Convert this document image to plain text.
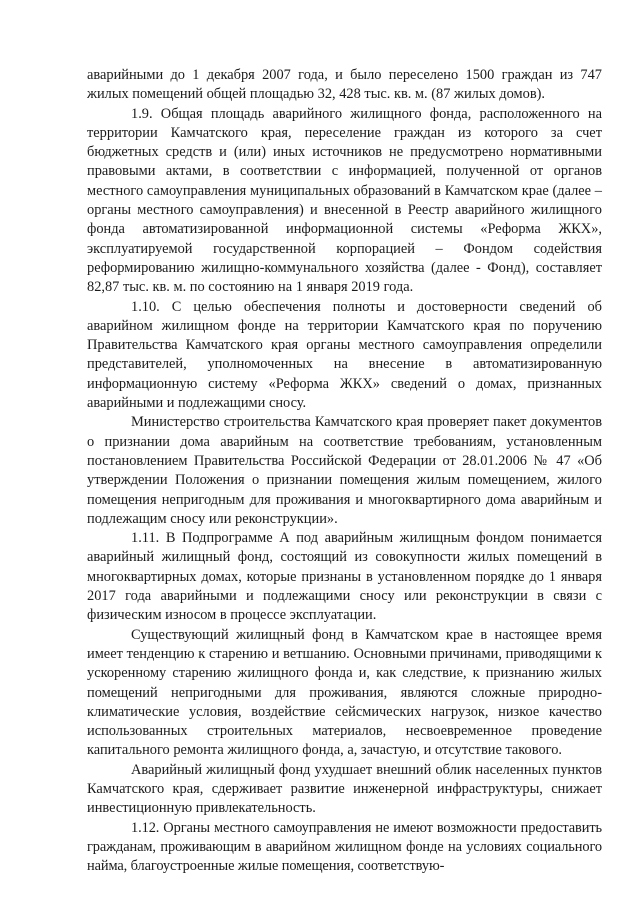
аварийными до 1 декабря 2007 года, и было переселено 1500 граждан из 747 жилых помещений общей площадью 32, 428 тыс. кв. м. (87 жилых домов).

1.9. Общая площадь аварийного жилищного фонда, расположенного на территории Камчатского края, переселение граждан из которого за счет бюджетных средств и (или) иных источников не предусмотрено нормативными правовыми актами, в соответствии с информацией, полученной от органов местного самоуправления муниципальных образований в Камчатском крае (далее – органы местного самоуправления) и внесенной в Реестр аварийного жилищного фонда автоматизированной информационной системы «Реформа ЖКХ», эксплуатируемой государственной корпорацией – Фондом содействия реформированию жилищно-коммунального хозяйства (далее - Фонд), составляет 82,87 тыс. кв. м. по состоянию на 1 января 2019 года.

1.10. С целью обеспечения полноты и достоверности сведений об аварийном жилищном фонде на территории Камчатского края по поручению Правительства Камчатского края органы местного самоуправления определили представителей, уполномоченных на внесение в автоматизированную информационную систему «Реформа ЖКХ» сведений о домах, признанных аварийными и подлежащими сносу.

Министерство строительства Камчатского края проверяет пакет документов о признании дома аварийным на соответствие требованиям, установленным постановлением Правительства Российской Федерации от 28.01.2006 № 47 «Об утверждении Положения о признании помещения жилым помещением, жилого помещения непригодным для проживания и многоквартирного дома аварийным и подлежащим сносу или реконструкции».

1.11. В Подпрограмме А под аварийным жилищным фондом понимается аварийный жилищный фонд, состоящий из совокупности жилых помещений в многоквартирных домах, которые признаны в установленном порядке до 1 января 2017 года аварийными и подлежащими сносу или реконструкции в связи с физическим износом в процессе эксплуатации.

Существующий жилищный фонд в Камчатском крае в настоящее время имеет тенденцию к старению и ветшанию. Основными причинами, приводящими к ускоренному старению жилищного фонда и, как следствие, к признанию жилых помещений непригодными для проживания, являются сложные природно-климатические условия, воздействие сейсмических нагрузок, низкое качество использованных строительных материалов, несвоевременное проведение капитального ремонта жилищного фонда, а, зачастую, и отсутствие такового.

Аварийный жилищный фонд ухудшает внешний облик населенных пунктов Камчатского края, сдерживает развитие инженерной инфраструктуры, снижает инвестиционную привлекательность.

1.12. Органы местного самоуправления не имеют возможности предоставить гражданам, проживающим в аварийном жилищном фонде на условиях социального найма, благоустроенные жилые помещения, соответствую-
